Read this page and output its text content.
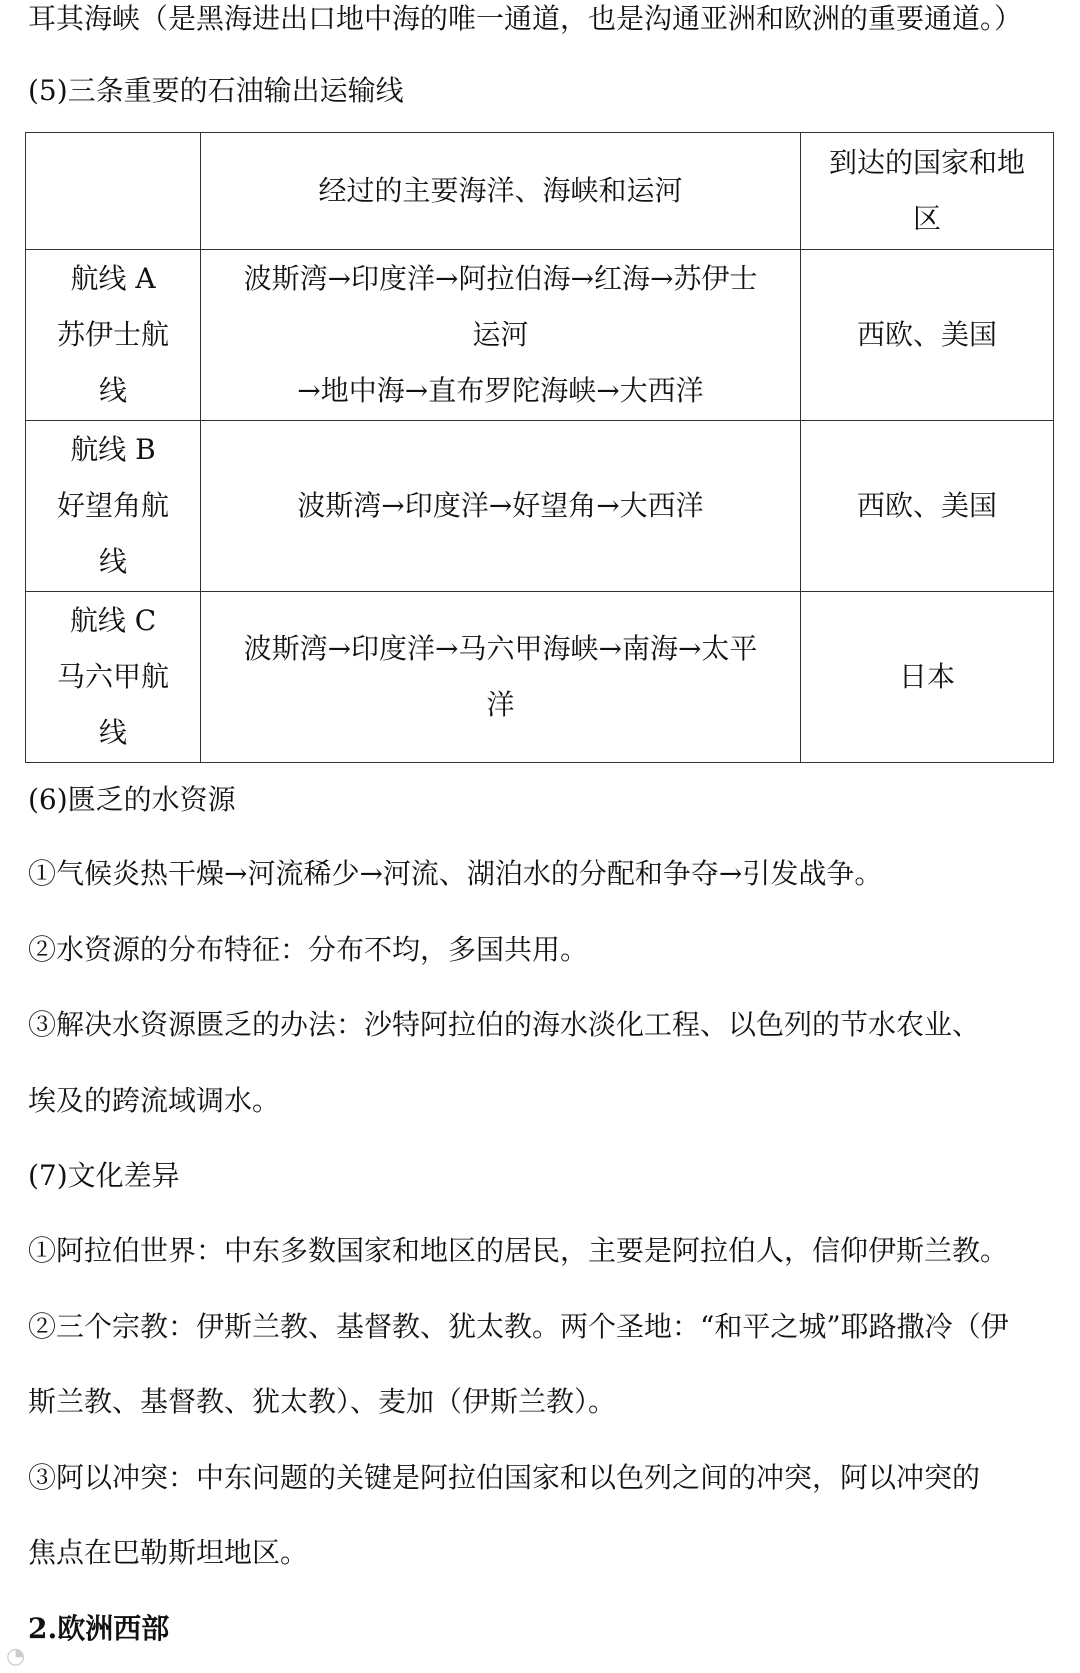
耳其海峡（是黑海进出口地中海的唯一通道，也是沟通亚洲和欧洲的重要通道。）
(5)三条重要的石油输出运输线
	经过的主要海洋、海峡和运河	到达的国家和地
区
航线 A
苏伊士航
线	波斯湾→印度洋→阿拉伯海→红海→苏伊士
运河
→地中海→直布罗陀海峡→大西洋	西欧、美国
航线 B
好望角航
线	波斯湾→印度洋→好望角→大西洋	西欧、美国
航线 C
马六甲航
线	波斯湾→印度洋→马六甲海峡→南海→太平
洋	日本
(6)匮乏的水资源
①气候炎热干燥→河流稀少→河流、湖泊水的分配和争夺→引发战争。
②水资源的分布特征：分布不均，多国共用。
③解决水资源匮乏的办法：沙特阿拉伯的海水淡化工程、以色列的节水农业、
埃及的跨流域调水。
(7)文化差异
①阿拉伯世界：中东多数国家和地区的居民，主要是阿拉伯人，信仰伊斯兰教。
②三个宗教：伊斯兰教、基督教、犹太教。两个圣地：“和平之城”耶路撒冷（伊
斯兰教、基督教、犹太教）、麦加（伊斯兰教）。
③阿以冲突：中东问题的关键是阿拉伯国家和以色列之间的冲突，阿以冲突的
焦点在巴勒斯坦地区。
2.欧洲西部
◔
